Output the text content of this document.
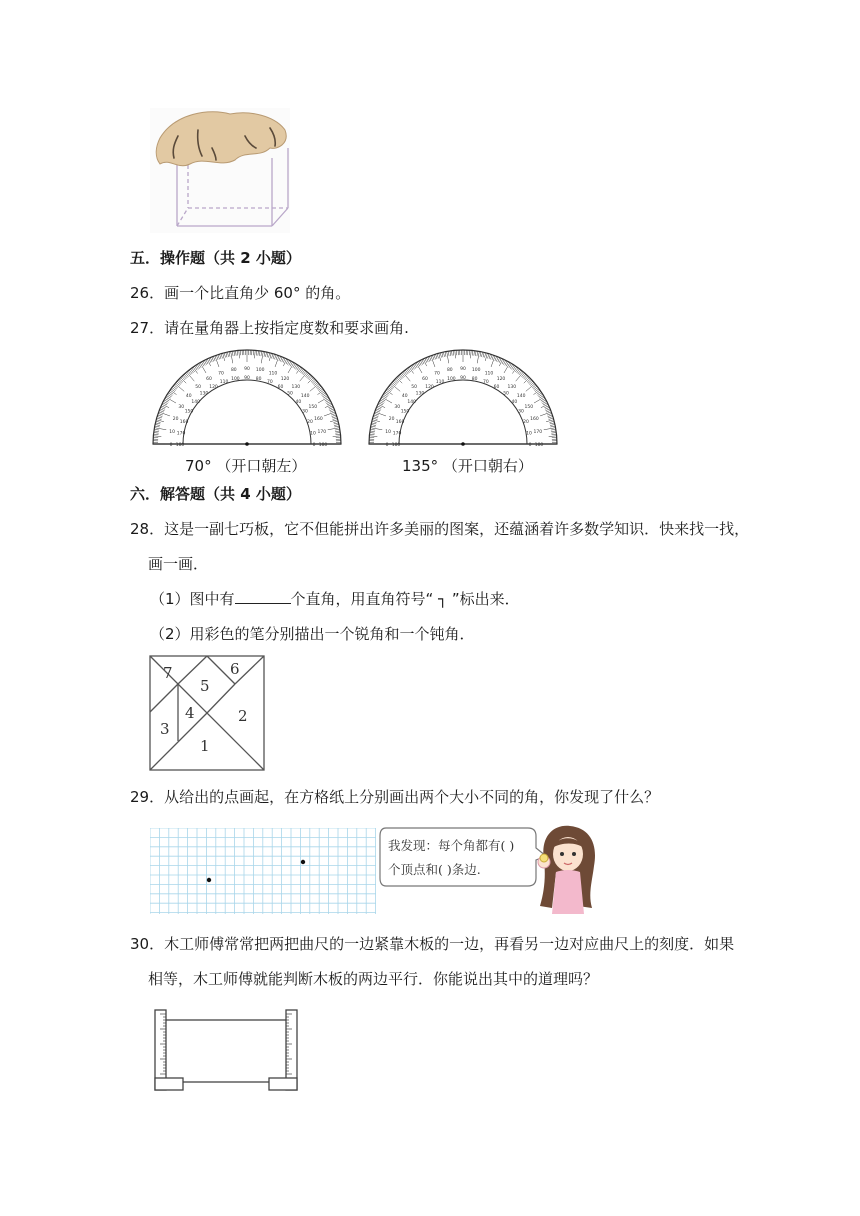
五．操作题（共 2 小题）
26．画一个比直角少 60° 的角。
27．请在量角器上按指定度数和要求画角.
0 180
10 170
20
160
30
150
40
140
50
130
60
120
70
110
80
100
90
90
100
80
110
70
120
60 130
50 140
40
150
30
160
20
170
10
180
0	0 180
10 170
20
160
30
150
40
140
50
130
60
120
70
110
80
100
90
90
100
80
110
70
120
60 130
50 140
40
150
30
160
20
170
10
180
0
70° （开口朝左）	135° （开口朝右）
六．解答题（共 4 小题）
28．这是一副七巧板，它不但能拼出许多美丽的图案，还蕴涵着许多数学知识．快来找一找，
画一画．
（1）图中有	个直角，用直角符号“ ┐ ”标出来．
（2）用彩色的笔分别描出一个锐角和一个钝角．
7	6
5
4
3
2
1
29．从给出的点画起，在方格纸上分别画出两个大小不同的角，你发现了什么？
我发现：每个角都有( )
个顶点和( )条边.
30．木工师傅常常把两把曲尺的一边紧靠木板的一边，再看另一边对应曲尺上的刻度．如果
相等，木工师傅就能判断木板的两边平行．你能说出其中的道理吗？
